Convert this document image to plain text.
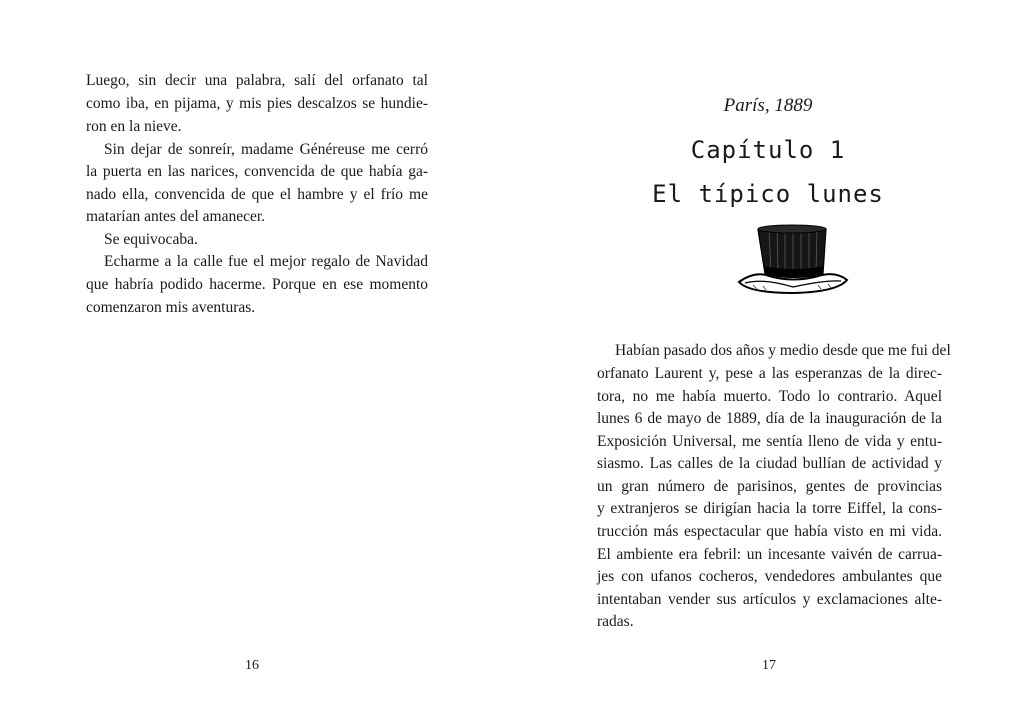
Luego, sin decir una palabra, salí del orfanato tal
como iba, en pijama, y mis pies descalzos se hundie-
ron en la nieve.
Sin dejar de sonreír, madame Généreuse me cerró
la puerta en las narices, convencida de que había ga-
nado ella, convencida de que el hambre y el frío me
matarían antes del amanecer.
Se equivocaba.
Echarme a la calle fue el mejor regalo de Navidad
que habría podido hacerme. Porque en ese momento
comenzaron mis aventuras.
16
París, 1889
Capítulo 1
El típico lunes
Habían pasado dos años y medio desde que me fui del
orfanato Laurent y, pese a las esperanzas de la direc-
tora, no me había muerto. Todo lo contrario. Aquel
lunes 6 de mayo de 1889, día de la inauguración de la
Exposición Universal, me sentía lleno de vida y entu-
siasmo. Las calles de la ciudad bullían de actividad y
un gran número de parisinos, gentes de provincias
y extranjeros se dirigían hacia la torre Eiffel, la cons-
trucción más espectacular que había visto en mi vida.
El ambiente era febril: un incesante vaivén de carrua-
jes con ufanos cocheros, vendedores ambulantes que
intentaban vender sus artículos y exclamaciones alte-
radas.
17
